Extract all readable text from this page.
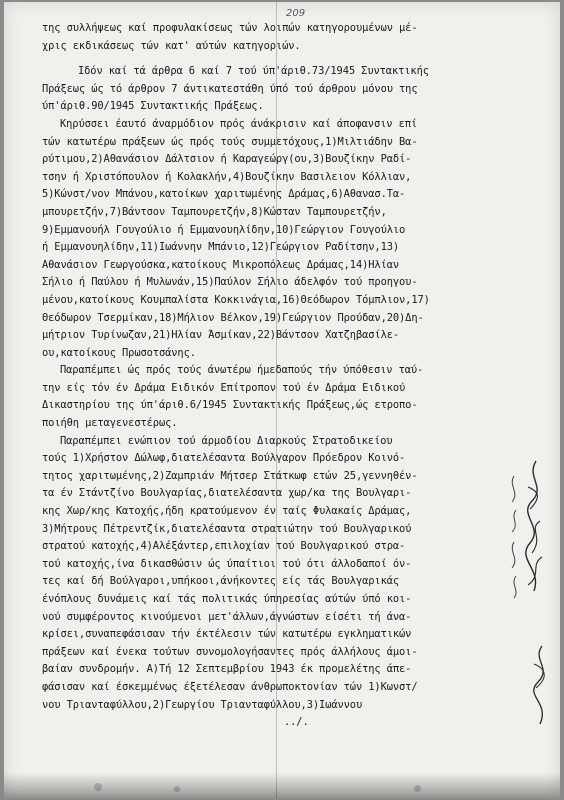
209
της συλλήψεως καί προφυλακίσεως τών λοιπών κατηγορουμένων μέ-
χρις εκδικάσεως τών κατ' αύτών κατηγοριών.
Ιδόν καί τά άρθρα 6 καί 7 τού ύπ'άριθ.73/1945 Συντακτικής
Πράξεως ώς τό άρθρον 7 άντικατεστάθη ύπό τού άρθρου μόνου της
ύπ'άριθ.90/1945 Συντακτικής Πράξεως.
Κηρύσσει έαυτό άναρμόδιον πρός άνάκρισιν καί άποφανσιν επί
τών κατωτέρω πράξεων ώς πρός τούς συμμετόχους,1)Μιλτιάδην Βα-
ρύτιμου,2)Αθανάσιον Δάλτσιον ή Καραγεώργ(ου,3)Βουζίκην Ραδί-
τσην ή Χριστόπουλον ή Κολακλήν,4)Βουζίκην Βασιλειον Κόλλιαν,
5)Κώνστ/νον Μπάνου,κατοίκων χαριτωμένης Δράμας,6)Αθανασ.Τα-
μπουρετζήν,7)Βάντσον Ταμπουρετζήν,8)Κώσταν Ταμπουρετζήν,
9)Εμμανουήλ Γουγούλιο ή Εμμανουηλίδην,10)Γεώργιον Γουγούλιο
ή Εμμανουηλίδην,11)Ιωάννην Μπάνιο,12)Γεώργιον Ραδίτσην,13)
Αθανάσιον Γεωργούσκα,κατοίκους Μικροπόλεως Δράμας,14)Ηλίαν
Σήλιο ή Παύλου ή Μυλωνάν,15)Παύλον Σήλιο άδελφόν τού προηγου-
μένου,κατοίκους Κουμπαλίστα Κοκκινάγια,16)Θεόδωρον Τόμπλιον,17)
Θεόδωρον Τσερμίκαν,18)Μήλιον Βέλκον,19)Γεώργιον Προύδαν,20)Δη-
μήτριον Τυρίνωζαν,21)Ηλίαν Άσμίκαν,22)Βάντσον Χατζηβασίλε-
ου,κατοίκους Πρωσοτσάνης.
Παραπέμπει ώς πρός τούς άνωτέρω ήμεδαπούς τήν ύπόθεσιν ταύ-
την είς τόν έν Δράμα Ειδικόν Επίτροπον τού έν Δράμα Ειδικού
Δικαστηρίου της ύπ'άριθ.6/1945 Συντακτικής Πράξεως,ώς ετροπο-
ποιήθη μεταγενεστέρως.
Παραπέμπει ενώπιον τού άρμοδίου Διαρκούς Στρατοδικείου
τούς 1)Χρήστον Δώλωφ,διατελέσαντα Βούλγαρον Πρόεδρον Κοινό-
τητος χαριτωμένης,2)Ζαμπριάν Μήτσερ Στάτκωφ ετών 25,γεννηθέν-
τα έν Στάντζίνο Βουλγαρίας,διατελέσαντα χωρ/κα της Βουλγαρι-
κης Χωρ/κης Κατοχής,ήδη κρατούμενον έν ταίς Φυλακαίς Δράμας,
3)Μήτρους Πέτρεντζίκ,διατελέσαντα στρατιώτην τού Βουλγαρικού
στρατού κατοχής,4)Αλέξάντερ,επιλοχίαν τού Βουλγαρικού στρα-
τού κατοχής,ίνα δικασθώσιν ώς ύπαίτιοι τού ότι άλλοδαποί όν-
τες καί δή Βούλγαροι,υπήκοοι,άνήκοντες είς τάς Βουλγαρικάς
ένόπλους δυνάμεις καί τάς πολιτικάς ύπηρεσίας αύτών ύπό κοι-
νού συμφέροντος κινούμενοι μετ'άλλων,άγνώστων είσέτι τή άνα-
κρίσει,συναπεφάσισαν τήν έκτέλεσιν τών κατωτέρω εγκληματικών
πράξεων καί ένεκα τούτων συνομολογήσαντες πρός άλλήλους άμοι-
βαίαν συνδρομήν. Α)Τή 12 Σεπτεμβρίου 1943 έκ προμελέτης άπε-
φάσισαν καί έσκεμμένως έξετέλεσαν άνθρωποκτονίαν τών 1)Κωνστ/
νου Τριανταφύλλου,2)Γεωργίου Τριανταφύλλου,3)Ιωάννου
../.
